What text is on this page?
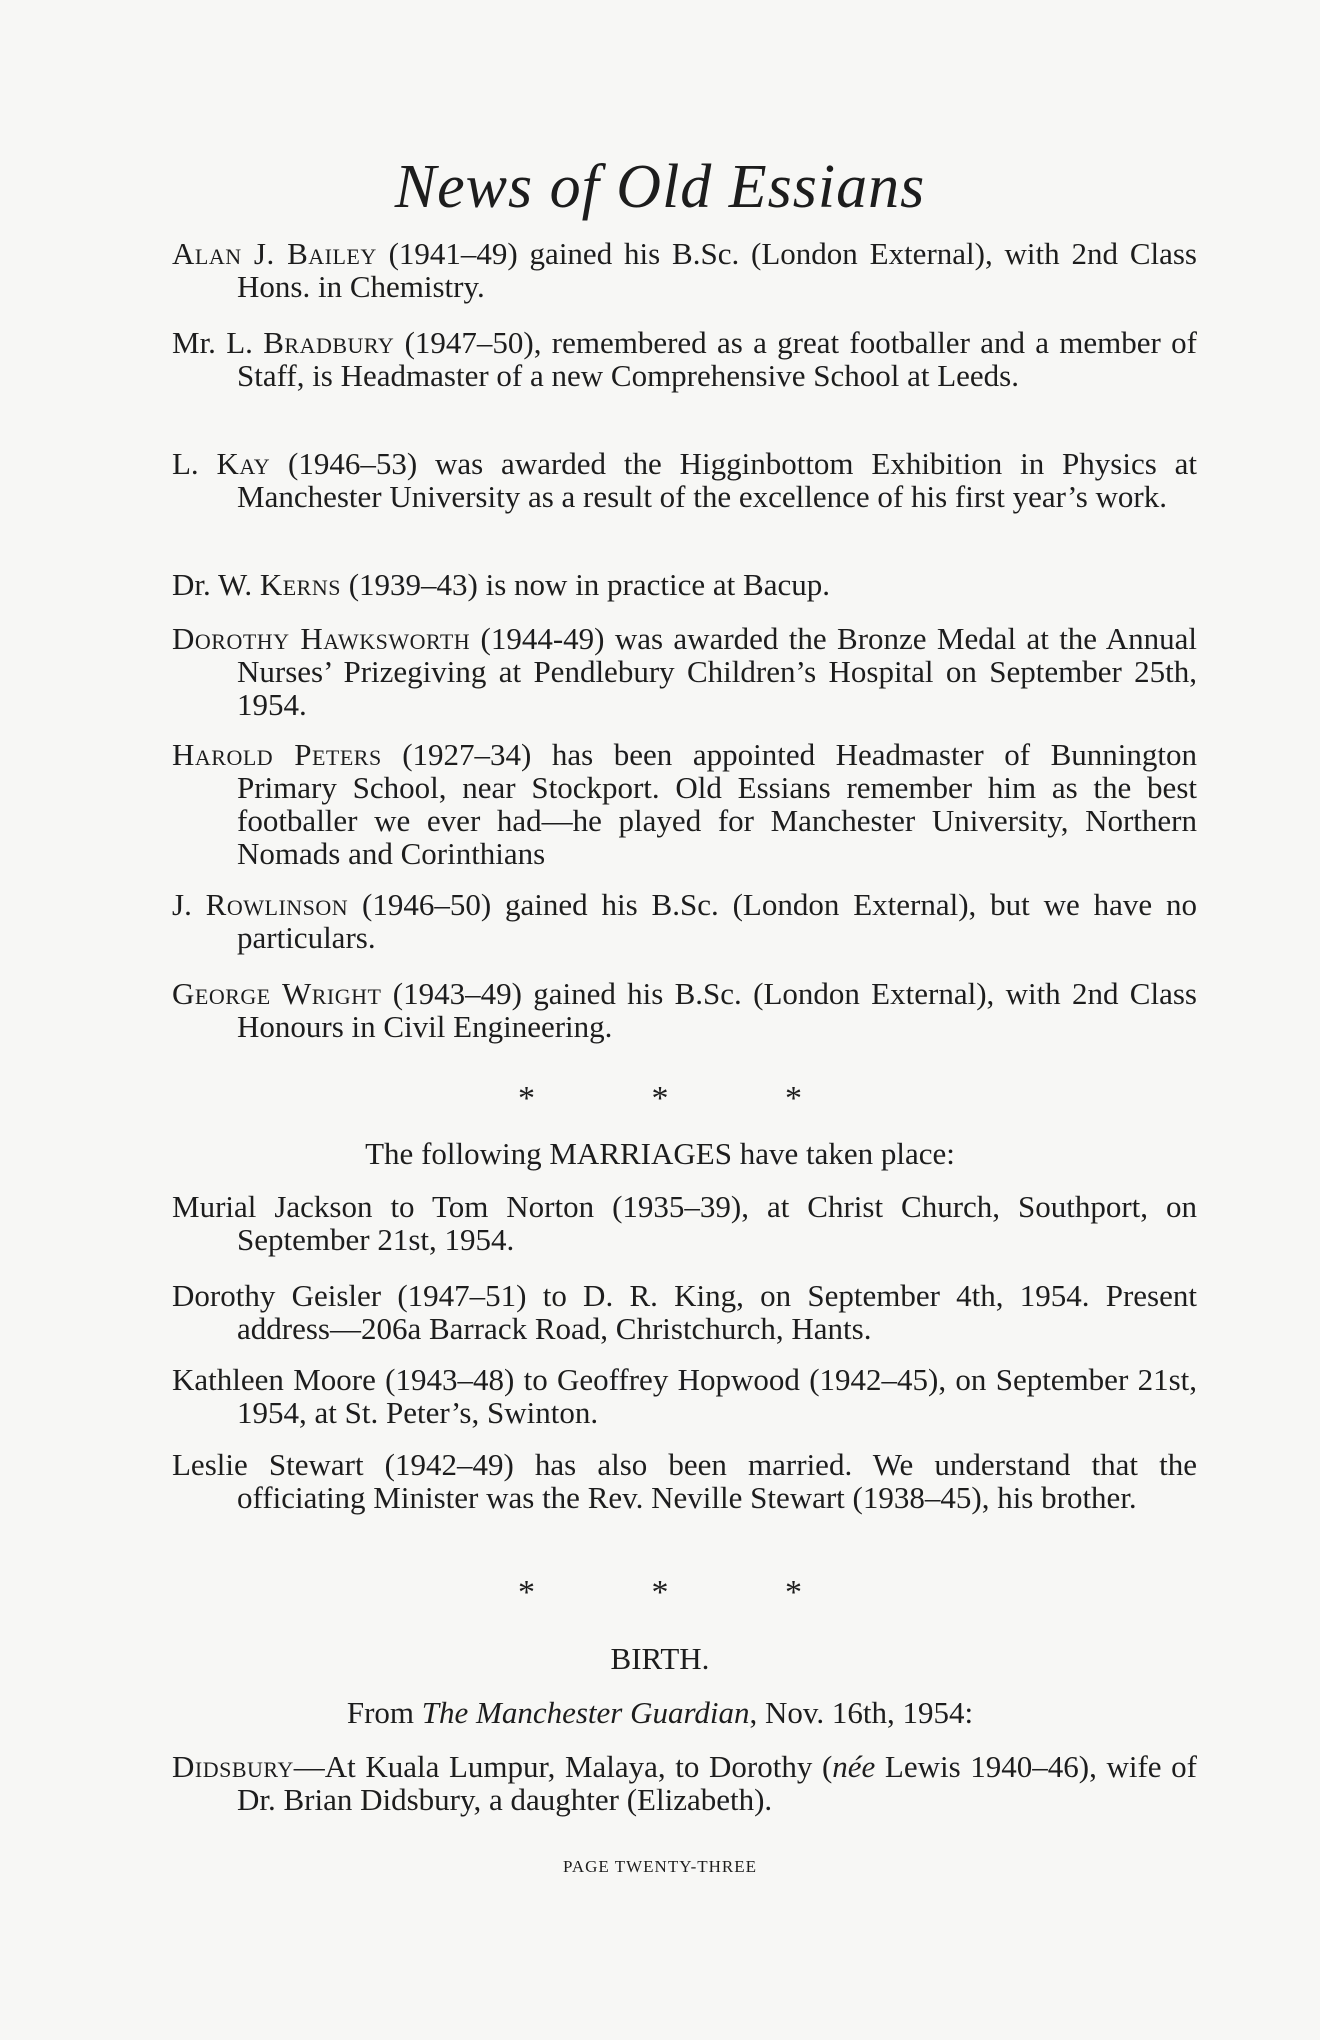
News of Old Essians

Alan J. Bailey (1941–49) gained his B.Sc. (London External), with 2nd Class Hons. in Chemistry.

Mr. L. Bradbury (1947–50), remembered as a great footballer and a member of Staff, is Headmaster of a new Comprehensive School at Leeds.

L. Kay (1946–53) was awarded the Higginbottom Exhibition in Physics at Manchester University as a result of the excellence of his first year’s work.

Dr. W. Kerns (1939–43) is now in practice at Bacup.

Dorothy Hawksworth (1944-49) was awarded the Bronze Medal at the Annual Nurses’ Prizegiving at Pendlebury Children’s Hospital on September 25th, 1954.

Harold Peters (1927–34) has been appointed Headmaster of Bunnington Primary School, near Stockport. Old Essians remember him as the best footballer we ever had—he played for Manchester University, Northern Nomads and Corinthians

J. Rowlinson (1946–50) gained his B.Sc. (London External), but we have no particulars.

George Wright (1943–49) gained his B.Sc. (London External), with 2nd Class Honours in Civil Engineering.

* * *

The following MARRIAGES have taken place:

Murial Jackson to Tom Norton (1935–39), at Christ Church, Southport, on September 21st, 1954.

Dorothy Geisler (1947–51) to D. R. King, on September 4th, 1954. Present address—206a Barrack Road, Christchurch, Hants.

Kathleen Moore (1943–48) to Geoffrey Hopwood (1942–45), on September 21st, 1954, at St. Peter’s, Swinton.

Leslie Stewart (1942–49) has also been married. We understand that the officiating Minister was the Rev. Neville Stewart (1938–45), his brother.

* * *

BIRTH.

From The Manchester Guardian, Nov. 16th, 1954:

Didsbury—At Kuala Lumpur, Malaya, to Dorothy (née Lewis 1940–46), wife of Dr. Brian Didsbury, a daughter (Elizabeth).

PAGE TWENTY-THREE
